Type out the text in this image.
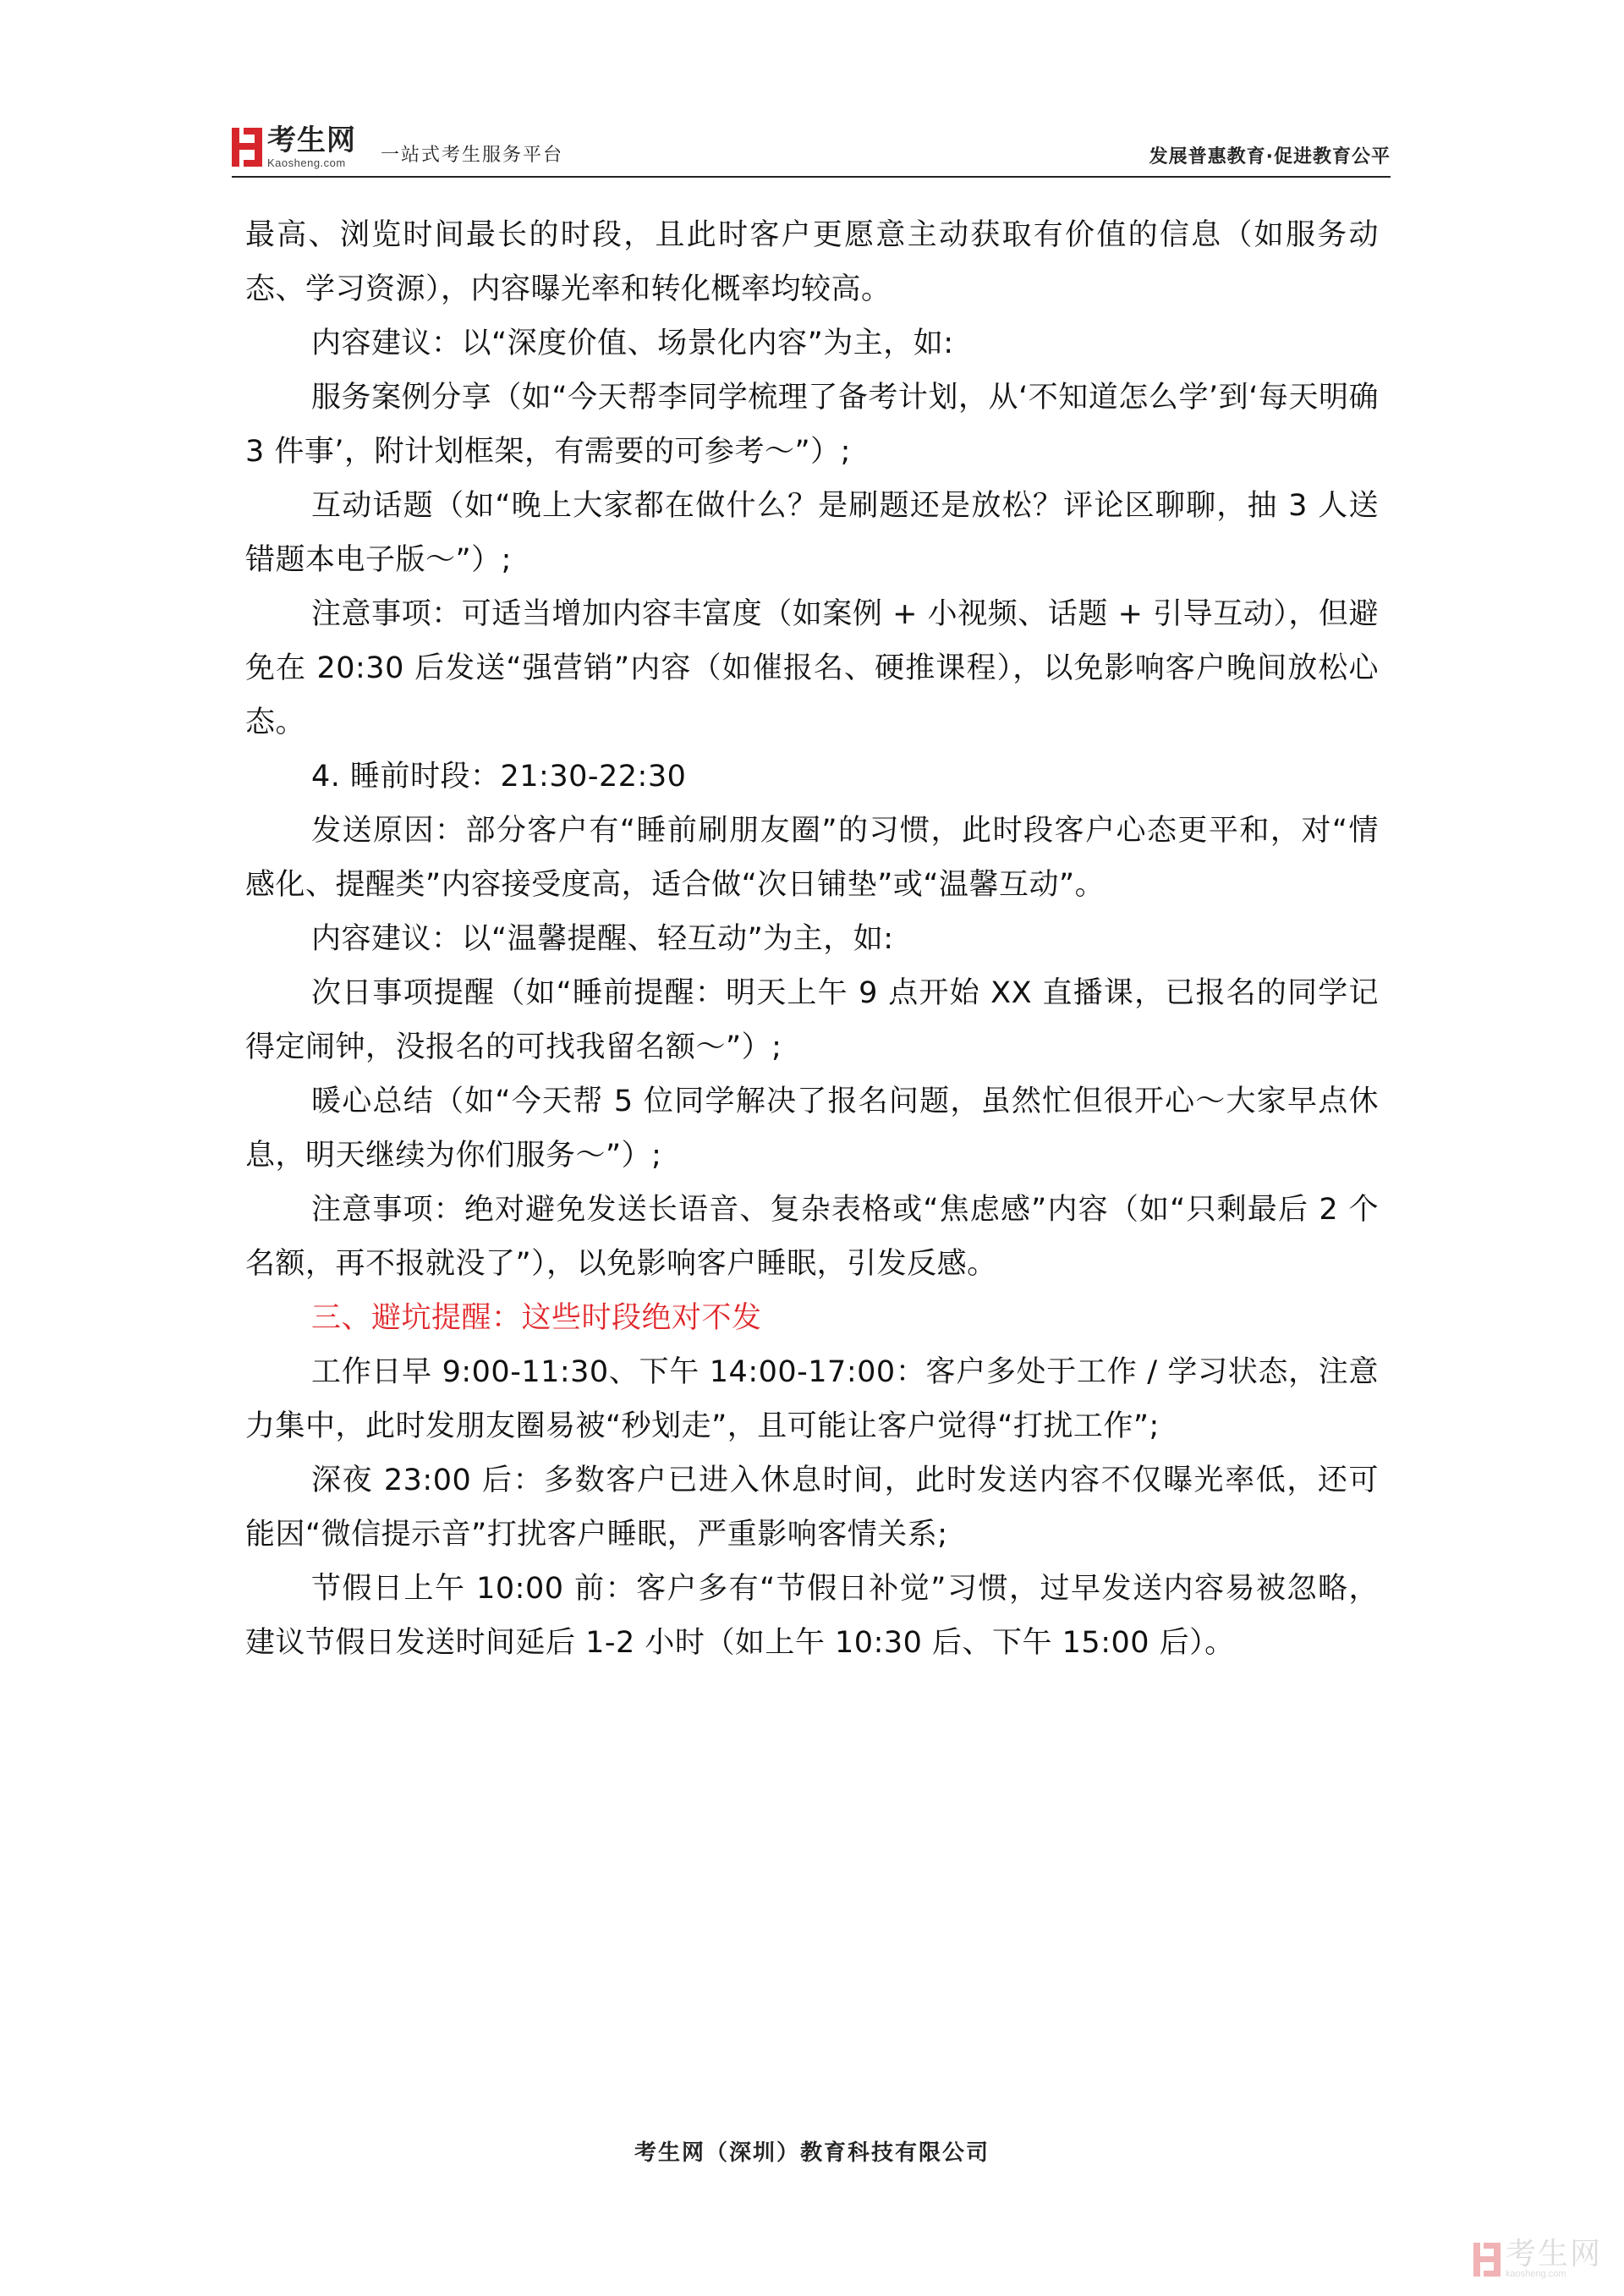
考生网
Kaosheng.com	一站式考生服务平台	发展普惠教育·促进教育公平

最高、浏览时间最长的时段，且此时客户更愿意主动获取有价值的信息（如服务动态、学习资源），内容曝光率和转化概率均较高。

内容建议：以“深度价值、场景化内容”为主，如:

服务案例分享（如“今天帮李同学梳理了备考计划，从‘不知道怎么学’到‘每天明确 3 件事’，附计划框架，有需要的可参考～”）;

互动话题（如“晚上大家都在做什么？是刷题还是放松？评论区聊聊，抽 3 人送错题本电子版～”）;

注意事项：可适当增加内容丰富度（如案例 + 小视频、话题 + 引导互动），但避免在 20:30 后发送“强营销”内容（如催报名、硬推课程），以免影响客户晚间放松心态。

4. 睡前时段：21:30-22:30

发送原因：部分客户有“睡前刷朋友圈”的习惯，此时段客户心态更平和，对“情感化、提醒类”内容接受度高，适合做“次日铺垫”或“温馨互动”。

内容建议：以“温馨提醒、轻互动”为主，如:

次日事项提醒（如“睡前提醒：明天上午 9 点开始 XX 直播课，已报名的同学记得定闹钟，没报名的可找我留名额～”）;

暖心总结（如“今天帮 5 位同学解决了报名问题，虽然忙但很开心～大家早点休息，明天继续为你们服务～”）;

注意事项：绝对避免发送长语音、复杂表格或“焦虑感”内容（如“只剩最后 2 个名额，再不报就没了”），以免影响客户睡眠，引发反感。

三、避坑提醒：这些时段绝对不发

工作日早 9:00-11:30、下午 14:00-17:00：客户多处于工作 / 学习状态，注意力集中，此时发朋友圈易被“秒划走”，且可能让客户觉得“打扰工作”;

深夜 23:00 后：多数客户已进入休息时间，此时发送内容不仅曝光率低，还可能因“微信提示音”打扰客户睡眠，严重影响客情关系;

节假日上午 10:00 前：客户多有“节假日补觉”习惯，过早发送内容易被忽略，建议节假日发送时间延后 1-2 小时（如上午 10:30 后、下午 15:00 后）。

考生网（深圳）教育科技有限公司
考生网
kaosheng.com
